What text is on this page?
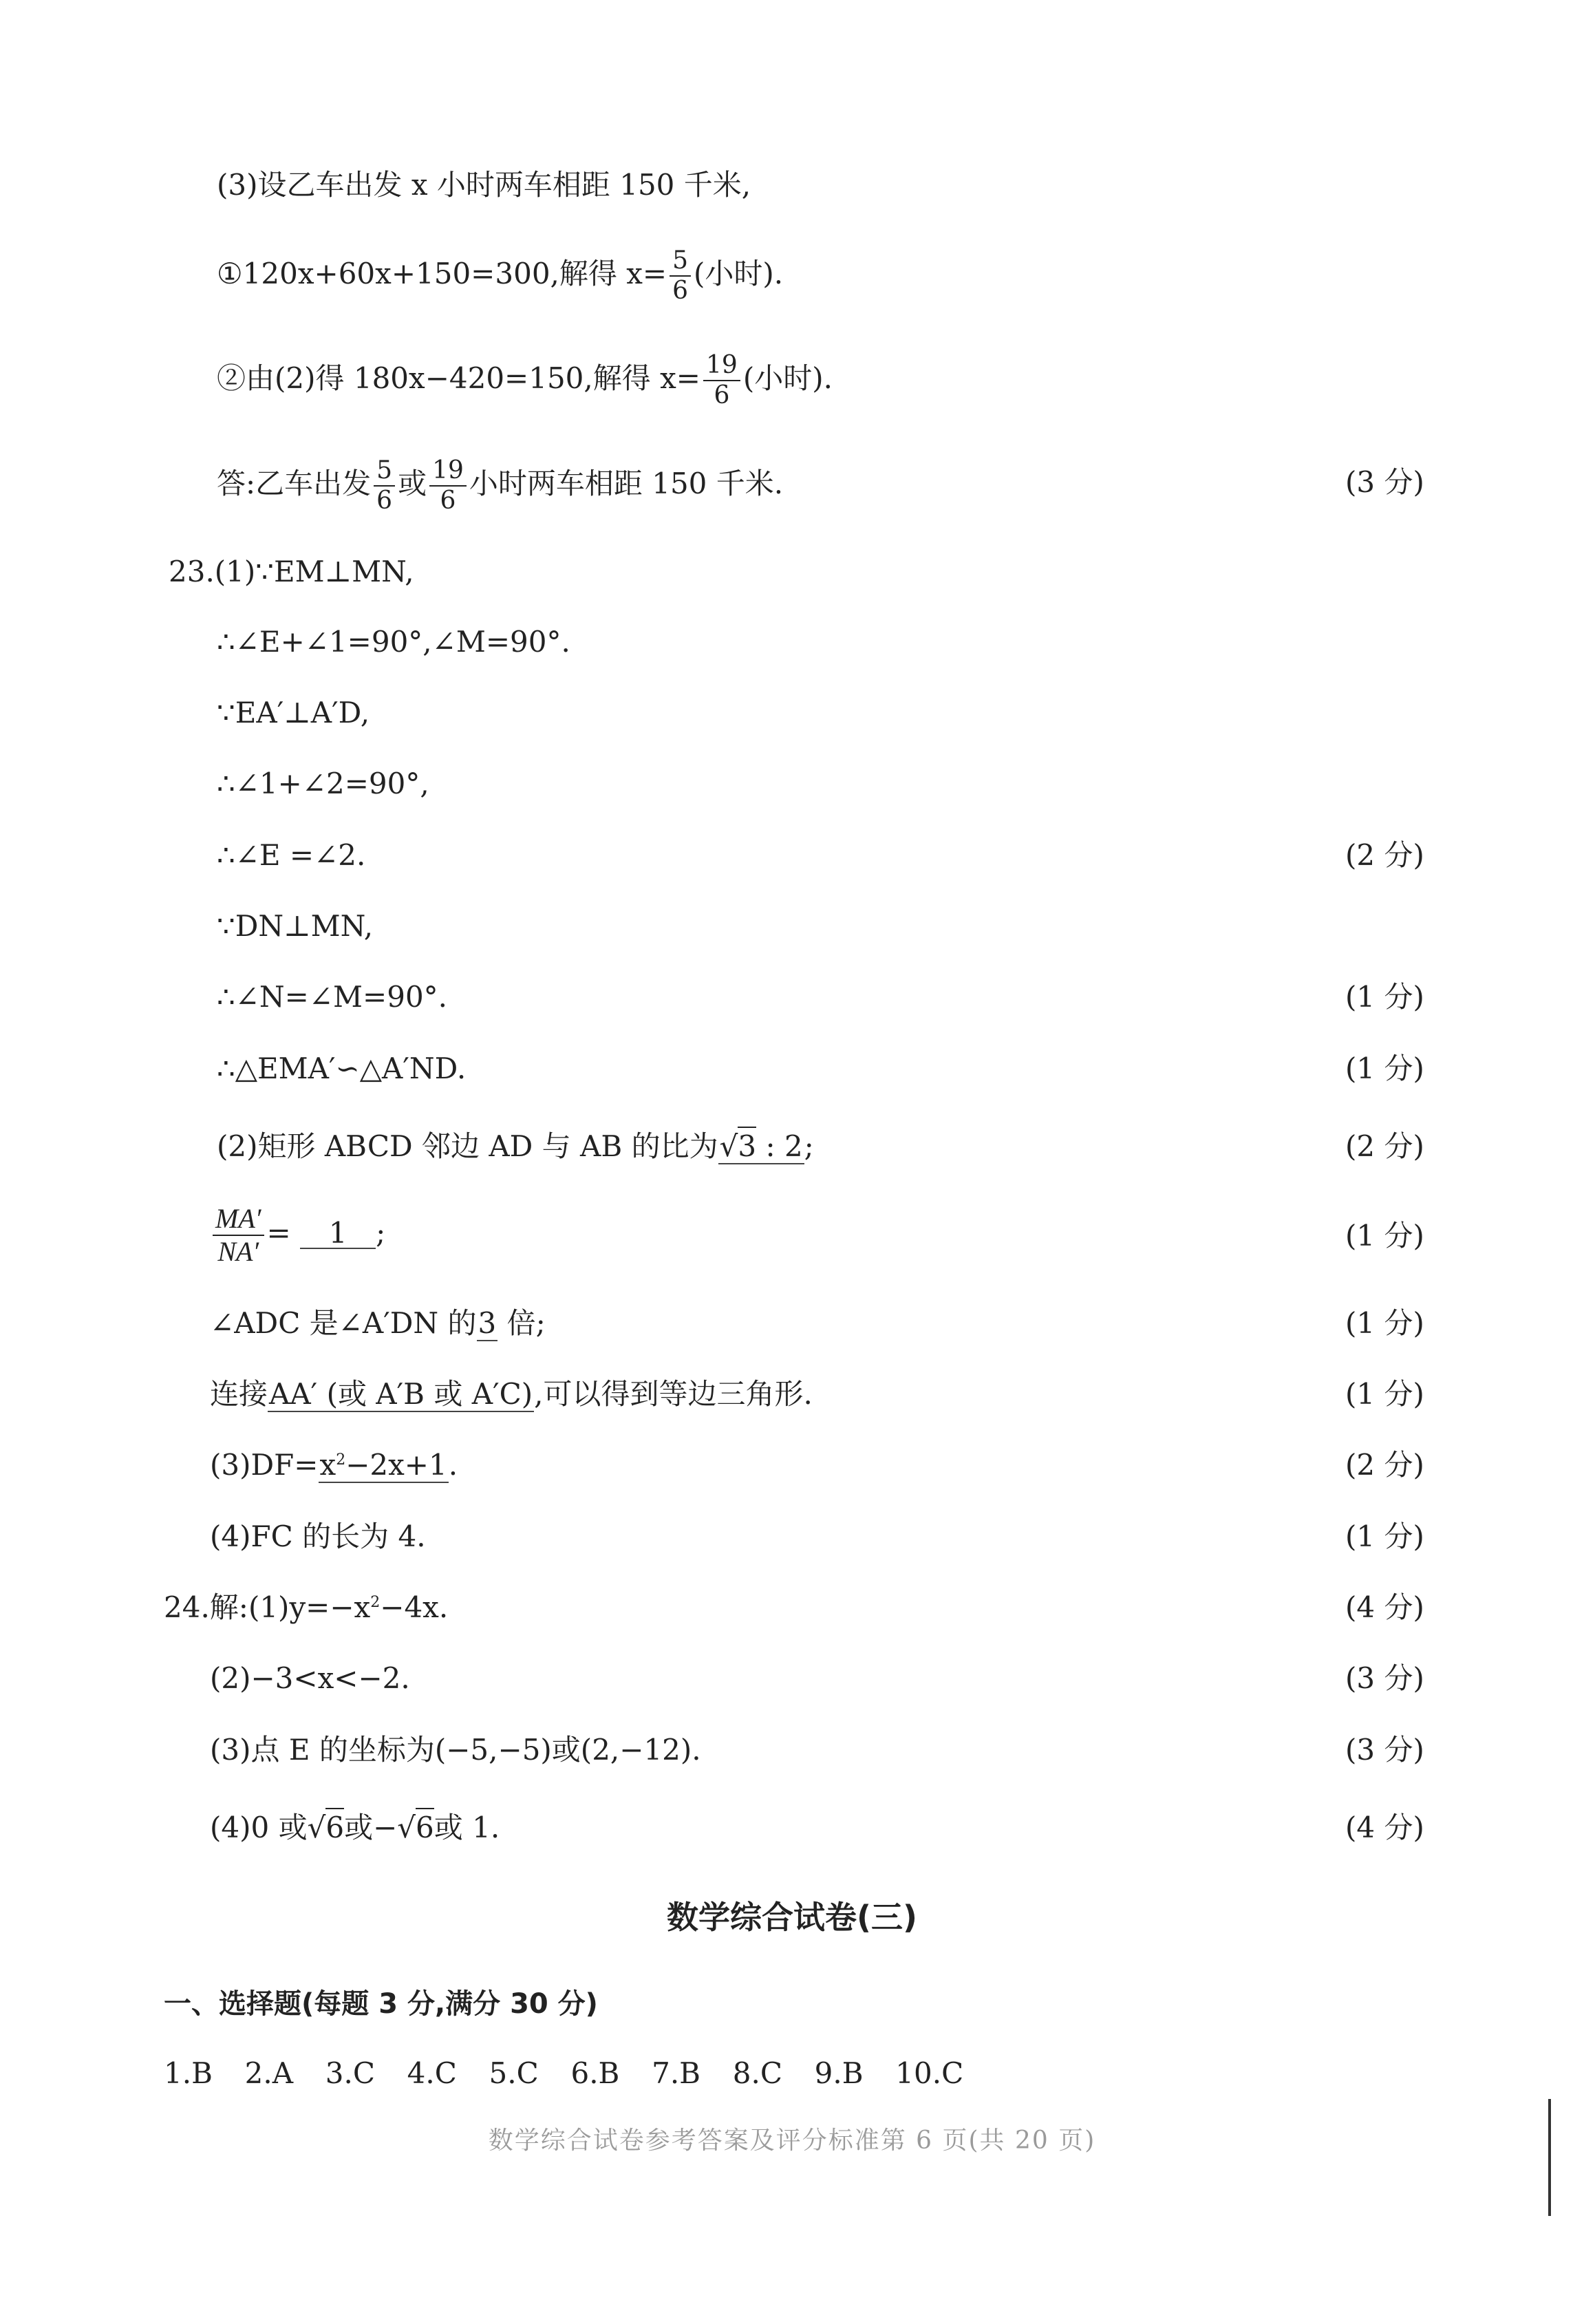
(3)设乙车出发 x 小时两车相距 150 千米,
①120x+60x+150=300,解得 $x= \frac{5}{6}$ (小时).
②由(2)得 180x−420=150,解得 $x= \frac{19}{6}$ (小时).
答:乙车出发 $\frac{5}{6}$ 或 $\frac{19}{6}$ 小时两车相距 150 千米.	(3 分)
23.(1)∵EM⊥MN,
∴∠E+∠1=90°,∠M=90°.
∵EA′⊥A′D,
∴∠1+∠2=90°,
∴∠E =∠2.	(2 分)
∵DN⊥MN,
∴∠N=∠M=90°.	(1 分)
∴△EMA′∽△A′ND.	(1 分)
(2)矩形 ABCD 邻边 AD 与 AB 的比为√3 : 2;	(2 分)
$\frac{MA'}{NA'} = 1$ ;	(1 分)
∠ADC 是∠A′DN 的3 倍;	(1 分)
连接AA′ (或 A′B 或 A′C),可以得到等边三角形.	(1 分)
$(3)DF=x^2-2x+1$.	(2 分)
(4)FC 的长为 4.	(1 分)
24.解$:(1)y=-x^2-4x$.	(4 分)
(2)−3<x<−2.	(3 分)
(3)点 E 的坐标为(−5,−5)或(2,−12).	(3 分)
(4)0 或√6或−√6或 1.	(4 分)
数学综合试卷(三)
一、选择题(每题 3 分,满分 30 分)
1.B  2.A  3.C  4.C  5.C  6.B  7.B  8.C  9.B  10.C
数学综合试卷参考答案及评分标准第 6 页(共 20 页)
